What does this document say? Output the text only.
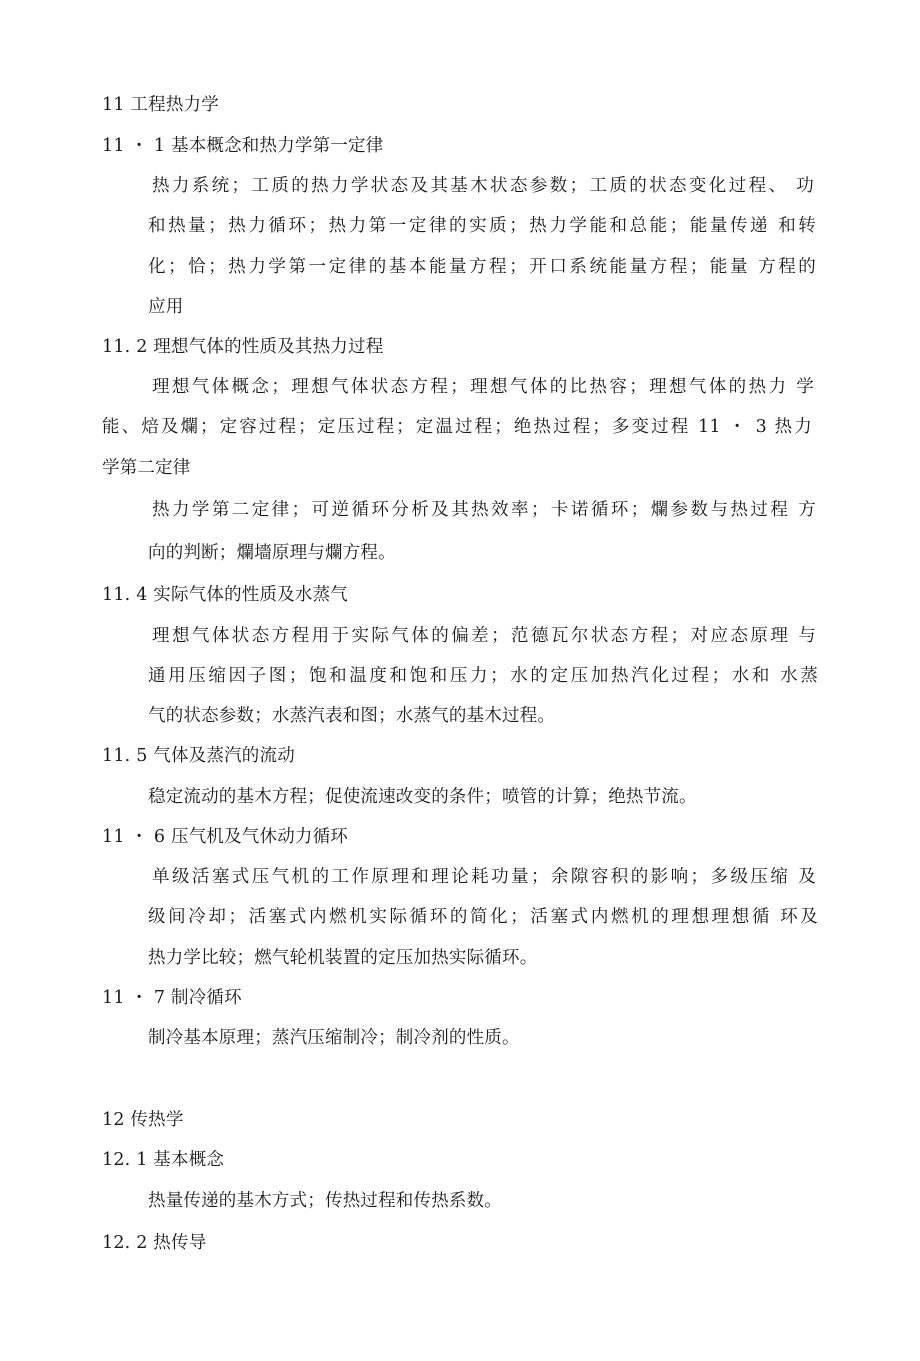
11 工程热力学
11 ・ 1 基本概念和热力学第一定律
热力系统；工质的热力学状态及其基木状态参数；工质的状态变化过程、 功
和热量；热力循环；热力第一定律的实质；热力学能和总能；能量传递 和转
化；恰；热力学第一定律的基本能量方程；开口系统能量方程；能量 方程的
应用
11. 2 理想气体的性质及其热力过程
理想气体概念；理想气体状态方程；理想气体的比热容；理想气体的热力 学
能、焙及爛；定容过程；定压过程；定温过程；绝热过程；多变过程 11 ・ 3 热力
学第二定律
热力学第二定律；可逆循环分析及其热效率；卡诺循环；爛参数与热过程 方
向的判断；爛墻原理与爛方程。
11. 4 实际气体的性质及水蒸气
理想气体状态方程用于实际气体的偏差；范德瓦尔状态方程；对应态原理 与
通用压缩因子图；饱和温度和饱和压力；水的定压加热汽化过程；水和 水蒸
气的状态参数；水蒸汽表和图；水蒸气的基木过程。
11. 5 气体及蒸汽的流动
稳定流动的基木方程；促使流速改变的条件；喷管的计算；绝热节流。
11 ・ 6 压气机及气休动力循环
单级活塞式压气机的工作原理和理论耗功量；余隙容积的影响；多级压缩 及
级间冷却；活塞式内燃机实际循环的简化；活塞式内燃机的理想理想循 环及
热力学比较；燃气轮机装置的定压加热实际循环。
11 ・ 7 制冷循环
制冷基本原理；蒸汽压缩制冷；制冷剂的性质。
12 传热学
12. 1 基本概念
热量传递的基木方式；传热过程和传热系数。
12. 2 热传导
